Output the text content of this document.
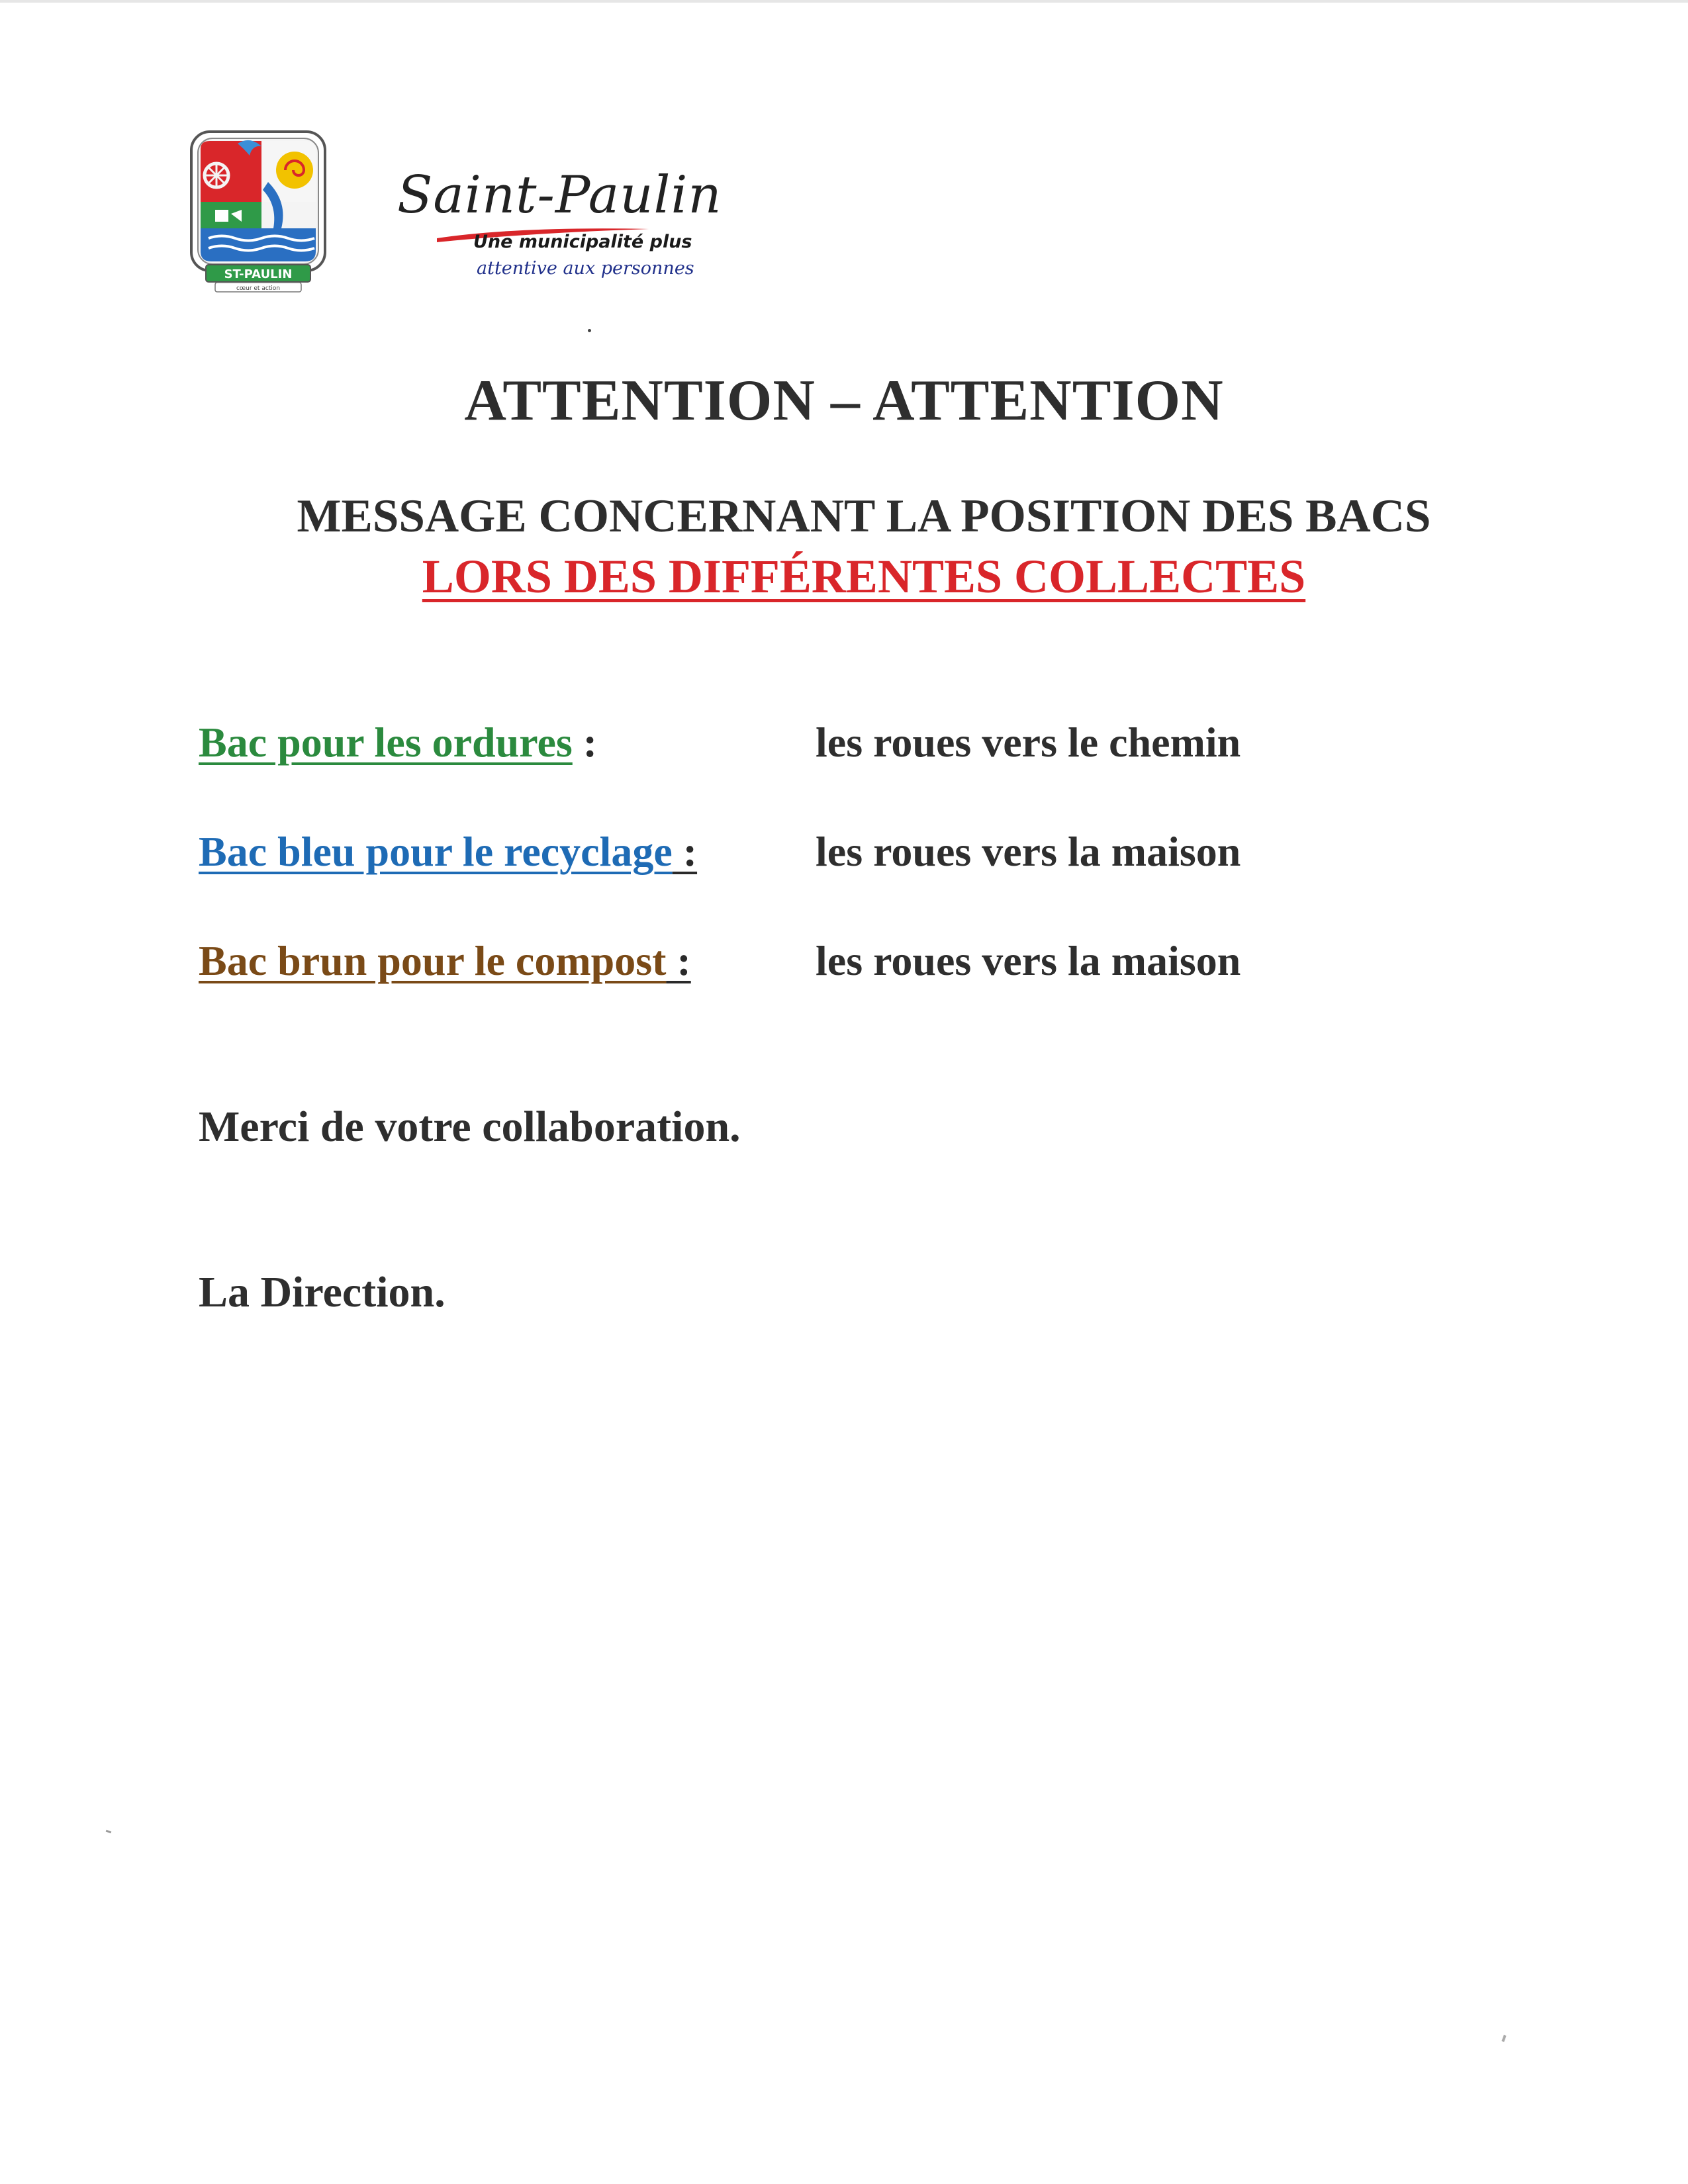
ST-PAULIN
cœur et action
Saint-Paulin
Une municipalité plus
attentive aux personnes
ATTENTION – ATTENTION
MESSAGE CONCERNANT LA POSITION DES BACS
LORS DES DIFFÉRENTES COLLECTES
Bac pour les ordures :	les roues vers le chemin
Bac bleu pour le recyclage :	les roues vers la maison
Bac brun pour le compost :	les roues vers la maison
Merci de votre collaboration.
La Direction.
